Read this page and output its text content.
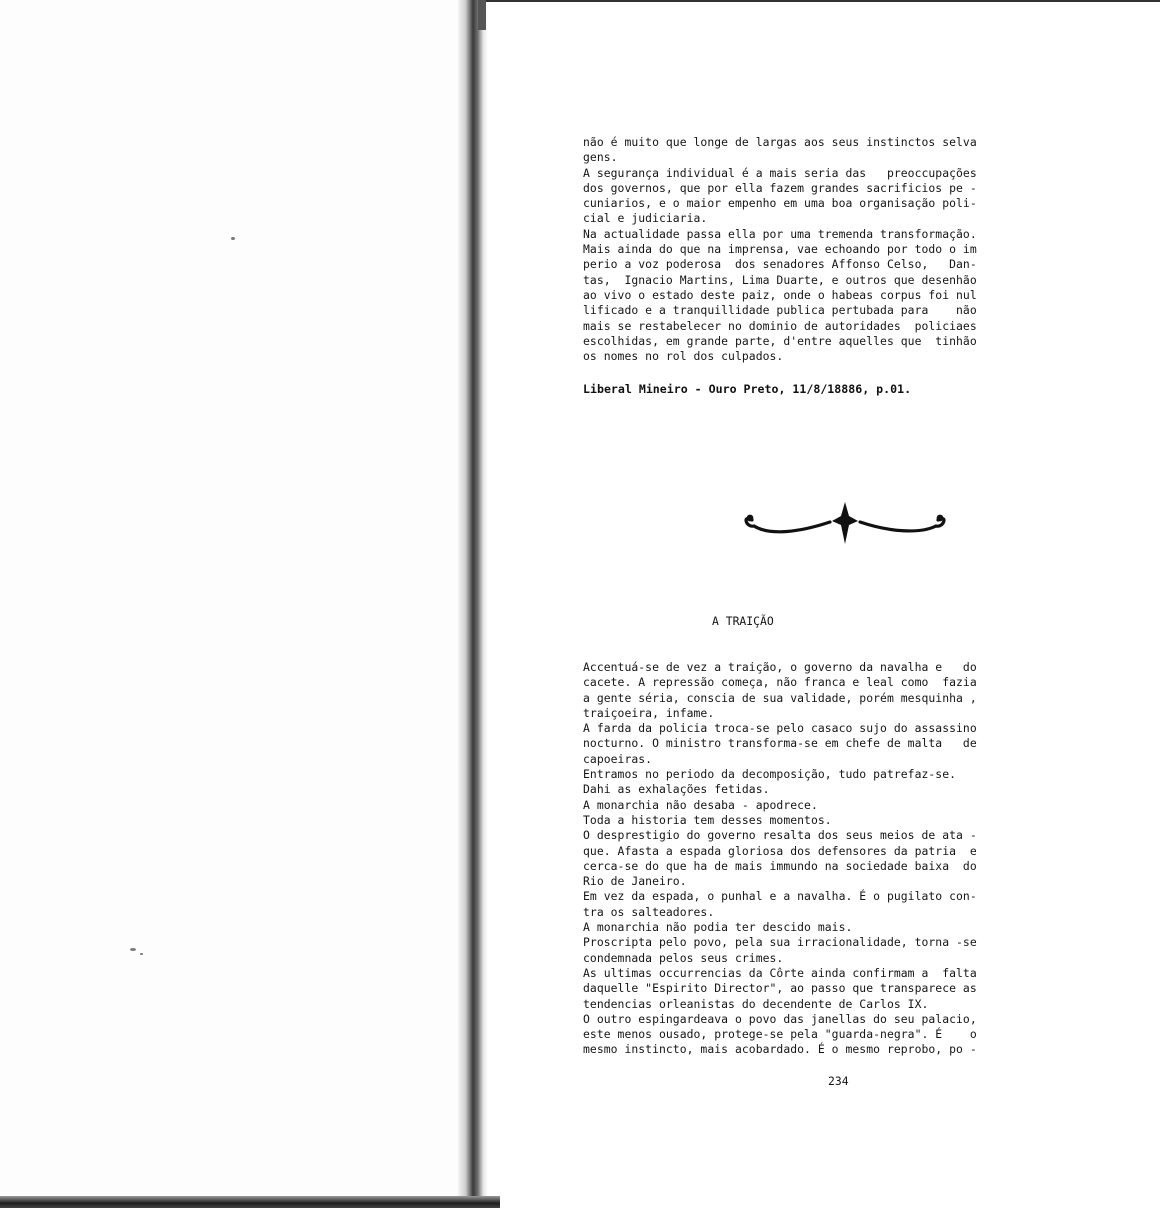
não é muito que longe de largas aos seus instinctos selva
gens.
A segurança individual é a mais seria das   preoccupações
dos governos, que por ella fazem grandes sacrificios pe -
cuniarios, e o maior empenho em uma boa organisação poli-
cial e judiciaria.
Na actualidade passa ella por uma tremenda transformação.
Mais ainda do que na imprensa, vae echoando por todo o im
perio a voz poderosa  dos senadores Affonso Celso,   Dan-
tas,  Ignacio Martins, Lima Duarte, e outros que desenhão
ao vivo o estado deste paiz, onde o habeas corpus foi nul
lificado e a tranquillidade publica pertubada para    não
mais se restabelecer no dominio de autoridades  policiaes
escolhidas, em grande parte, d'entre aquelles que  tinhão
os nomes no rol dos culpados.
Liberal Mineiro - Ouro Preto, 11/8/18886, p.01.
A TRAIÇÃO
Accentuá-se de vez a traição, o governo da navalha e   do
cacete. A repressão começa, não franca e leal como  fazia
a gente séria, conscia de sua validade, porém mesquinha ,
traiçoeira, infame.
A farda da policia troca-se pelo casaco sujo do assassino
nocturno. O ministro transforma-se em chefe de malta   de
capoeiras.
Entramos no periodo da decomposição, tudo patrefaz-se.
Dahi as exhalações fetidas.
A monarchia não desaba - apodrece.
Toda a historia tem desses momentos.
O desprestigio do governo resalta dos seus meios de ata -
que. Afasta a espada gloriosa dos defensores da patria  e
cerca-se do que ha de mais immundo na sociedade baixa  do
Rio de Janeiro.
Em vez da espada, o punhal e a navalha. É o pugilato con-
tra os salteadores.
A monarchia não podia ter descido mais.
Proscripta pelo povo, pela sua irracionalidade, torna -se
condemnada pelos seus crimes.
As ultimas occurrencias da Côrte ainda confirmam a  falta
daquelle "Espirito Director", ao passo que transparece as
tendencias orleanistas do decendente de Carlos IX.
O outro espingardeava o povo das janellas do seu palacio,
este menos ousado, protege-se pela "guarda-negra". É    o
mesmo instincto, mais acobardado. É o mesmo reprobo, po -
234
